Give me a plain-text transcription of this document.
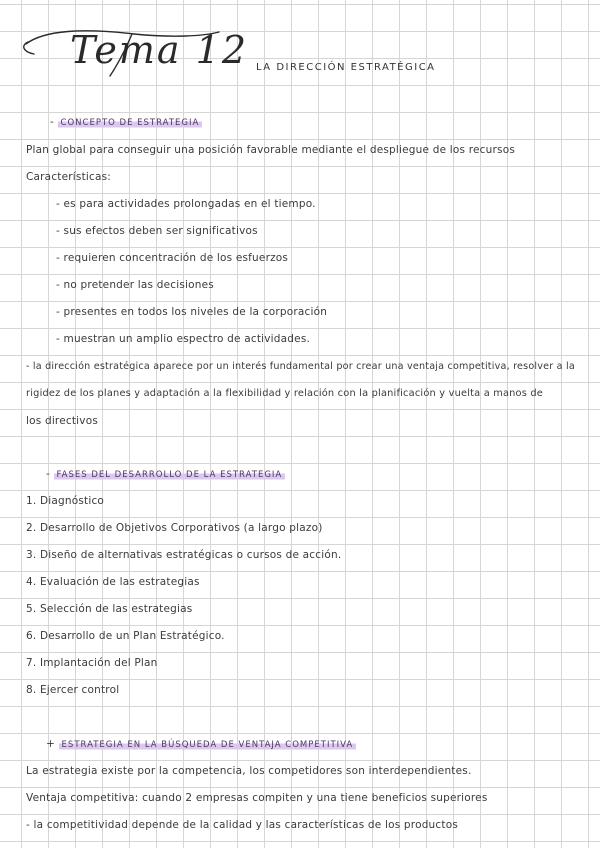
Tema 12 LA DIRECCIÓN ESTRATÉGICA
- CONCEPTO DE ESTRATEGIA
Plan global para conseguir una posición favorable mediante el despliegue de los recursos
Características:
- es para actividades prolongadas en el tiempo.
- sus efectos deben ser significativos
- requieren concentración de los esfuerzos
- no pretender las decisiones
- presentes en todos los niveles de la corporación
- muestran un amplio espectro de actividades.
- la dirección estratégica aparece por un interés fundamental por crear una ventaja competitiva, resolver a la
rigidez de los planes y adaptación a la flexibilidad y relación con la planificación y vuelta a manos de
los directivos
- FASES DEL DESARROLLO DE LA ESTRATEGIA
1. Diagnóstico
2. Desarrollo de Objetivos Corporativos (a largo plazo)
3. Diseño de alternativas estratégicas o cursos de acción.
4. Evaluación de las estrategias
5. Selección de las estrategias
6. Desarrollo de un Plan Estratégico.
7. Implantación del Plan
8. Ejercer control
+ ESTRATEGIA EN LA BÚSQUEDA DE VENTAJA COMPETITIVA
La estrategia existe por la competencia, los competidores son interdependientes.
Ventaja competitiva: cuando 2 empresas compiten y una tiene beneficios superiores
- la competitividad depende de la calidad y las características de los productos
